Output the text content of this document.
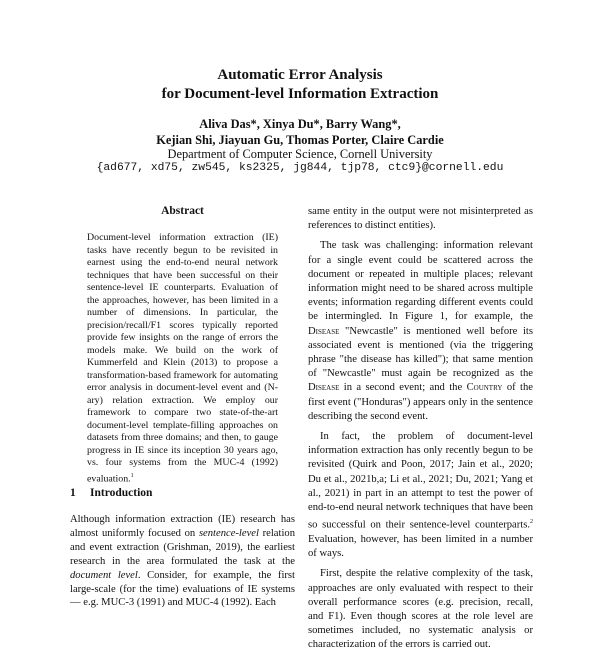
Automatic Error Analysis
for Document-level Information Extraction
Aliva Das*, Xinya Du*, Barry Wang*,
Kejian Shi, Jiayuan Gu, Thomas Porter, Claire Cardie
Department of Computer Science, Cornell University
{ad677, xd75, zw545, ks2325, jg844, tjp78, ctc9}@cornell.edu
Abstract
Document-level information extraction (IE) tasks have recently begun to be revisited in earnest using the end-to-end neural network techniques that have been successful on their sentence-level IE counterparts. Evaluation of the approaches, however, has been limited in a number of dimensions. In particular, the precision/recall/F1 scores typically reported provide few insights on the range of errors the models make. We build on the work of Kummerfeld and Klein (2013) to propose a transformation-based framework for automating error analysis in document-level event and (N-ary) relation extraction. We employ our framework to compare two state-of-the-art document-level template-filling approaches on datasets from three domains; and then, to gauge progress in IE since its inception 30 years ago, vs. four systems from the MUC-4 (1992) evaluation.$^1$
1 Introduction
Although information extraction (IE) research has almost uniformly focused on sentence-level relation and event extraction (Grishman, 2019), the earliest research in the area formulated the task at the document level. Consider, for example, the first large-scale (for the time) evaluations of IE systems — e.g. MUC-3 (1991) and MUC-4 (1992). Each

same entity in the output were not misinterpreted as references to distinct entities).

The task was challenging: information relevant for a single event could be scattered across the document or repeated in multiple places; relevant information might need to be shared across multiple events; information regarding different events could be intermingled. In Figure 1, for example, the Disease "Newcastle" is mentioned well before its associated event is mentioned (via the triggering phrase "the disease has killed"); that same mention of "Newcastle" must again be recognized as the Disease in a second event; and the Country of the first event ("Honduras") appears only in the sentence describing the second event.

In fact, the problem of document-level information extraction has only recently begun to be revisited (Quirk and Poon, 2017; Jain et al., 2020; Du et al., 2021b,a; Li et al., 2021; Du, 2021; Yang et al., 2021) in part in an attempt to test the power of end-to-end neural network techniques that have been so successful on their sentence-level counterparts.$^2$ Evaluation, however, has been limited in a number of ways.

First, despite the relative complexity of the task, approaches are only evaluated with respect to their overall performance scores (e.g. precision, recall, and F1). Even though scores at the role level are sometimes included, no systematic analysis or characterization of the errors is carried out.
